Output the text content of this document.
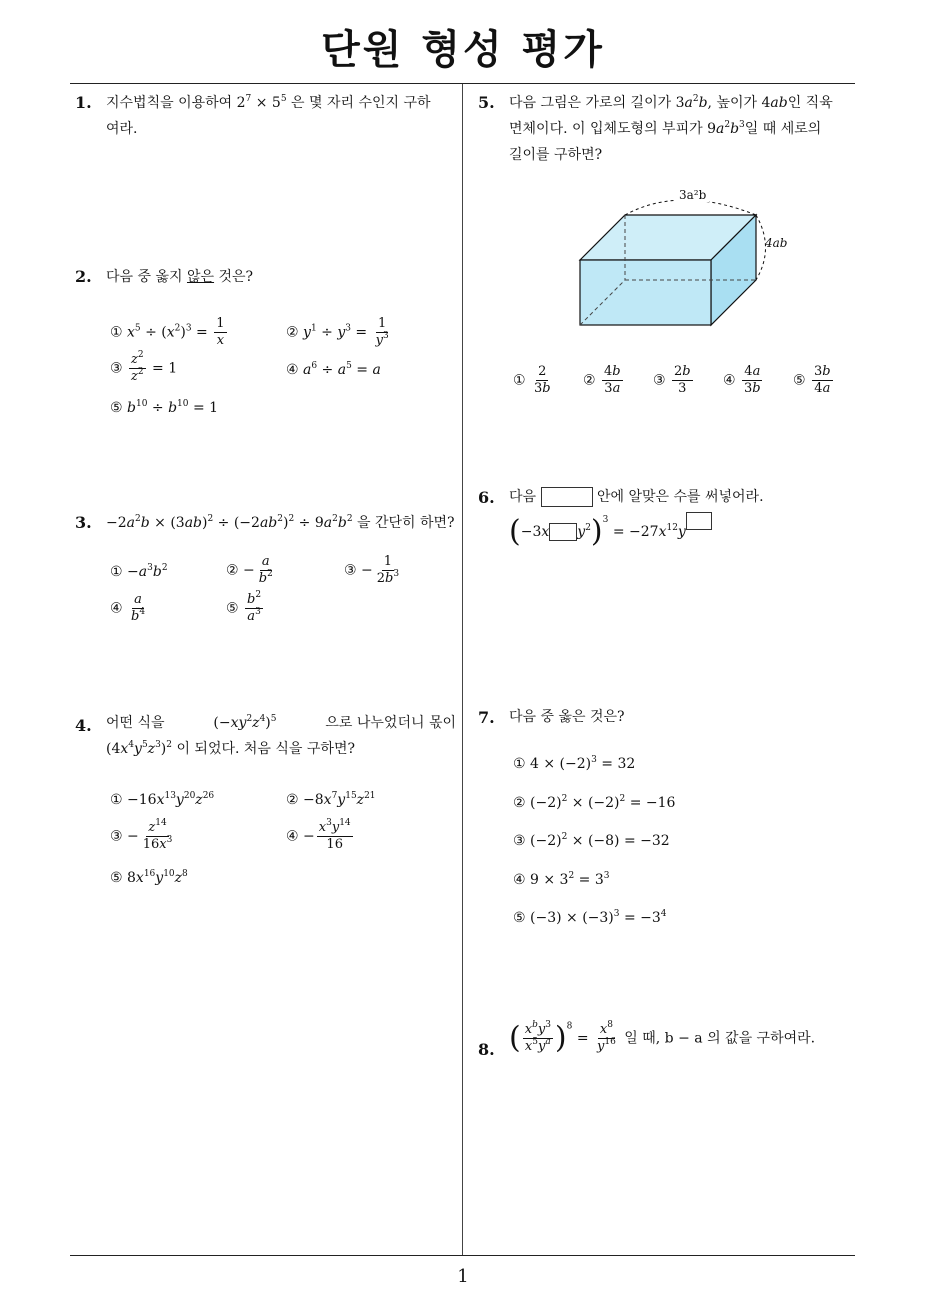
단원 형성 평가
1
1. 지수법칙을 이용하여 $2^7 \times 5^5$ 은 몇 자리 수인지 구하
여라.
2. 다음 중 옳지 않은 것은?
① $x^5 \div (x^2)^3 = \frac{1}{x}$	② $y^1 \div y^3 = \frac{1}{y^3}$
③ $\frac{z^2}{z^2} = 1$	④ $a^6 \div a^5 = a$
⑤ $b^{10} \div b^{10} = 1$
3. $-2a^2b \times (3ab)^2 \div (-2ab^2)^2 \div 9a^2b^2$ 을 간단히 하면?
① $-a^3b^2$	② − $\frac{a}{b^2}$	③ − $\frac{1}{2b^3}$
④ $\frac{a}{b^4}$	⑤ $\frac{b^2}{a^3}$
4. 어떤 식을	$(-xy^2z^4)^5$	으로 나누었더니 몫이
$(4x^4y^5z^3)^2$ 이 되었다. 처음 식을 구하면?
① $-16x^{13}y^{20}z^{26}$	② $-8x^7y^{15}z^{21}$
③ − $\frac{z^{14}}{16x^3}$	④ − $\frac{x^3y^{14}}{16}$
⑤ $8x^{16}y^{10}z^8$
5. 다음 그림은 가로의 길이가 $3a^2b$, 높이가 4ab인 직육
면체이다. 이 입체도형의 부피가 $9a^2b^3$일 때 세로의
길이를 구하면?
3a²b
4ab
① $\frac{2}{3b}$ ② $\frac{4b}{3a}$ ③ $\frac{2b}{3}$ ④ $\frac{4a}{3b}$ ⑤ $\frac{3b}{4a}$
6. 다음	안에 알맞은 수를 써넣어라.
(−3x $y^2)^3 = -27x^{12}y$
7. 다음 중 옳은 것은?
① $4 \times (-2)^3 = 32$
② $(-2)^2 \times (-2)^2 = -16$
③ $(-2)^2 \times (-8) = -32$
④ $9 \times 3^2 = 3^3$
⑤ $(-3) \times (-3)^3 = -3^4$
8. ( $\frac{x^by^3}{x^5y^a} )^8 = \frac{x^8}{y^{16}}$ 일 때, b − a 의 값을 구하여라.
